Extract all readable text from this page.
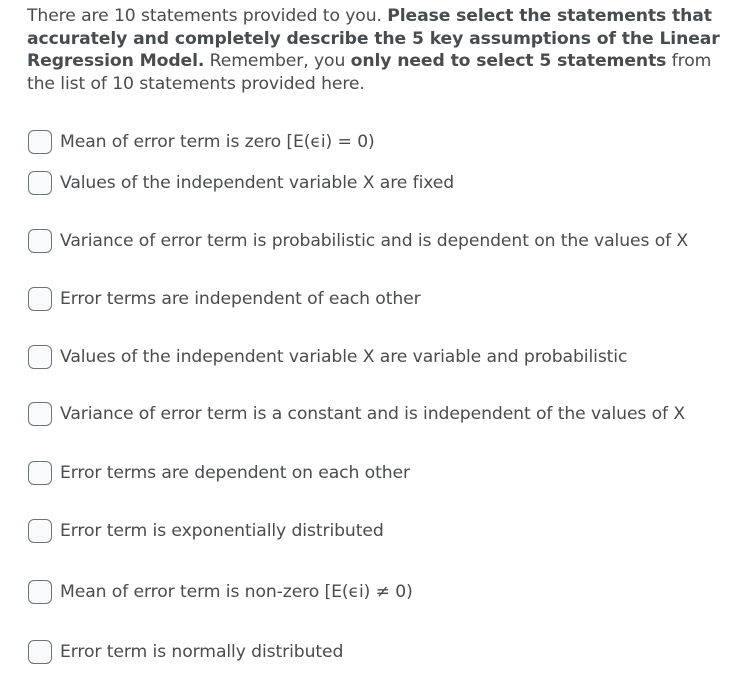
There are 10 statements provided to you. Please select the statements that accurately and completely describe the 5 key assumptions of the Linear Regression Model. Remember, you only need to select 5 statements from the list of 10 statements provided here.
Mean of error term is zero [E(ϵi) = 0)
Values of the independent variable X are fixed
Variance of error term is probabilistic and is dependent on the values of X
Error terms are independent of each other
Values of the independent variable X are variable and probabilistic
Variance of error term is a constant and is independent of the values of X
Error terms are dependent on each other
Error term is exponentially distributed
Mean of error term is non-zero [E(ϵi) ≠ 0)
Error term is normally distributed
